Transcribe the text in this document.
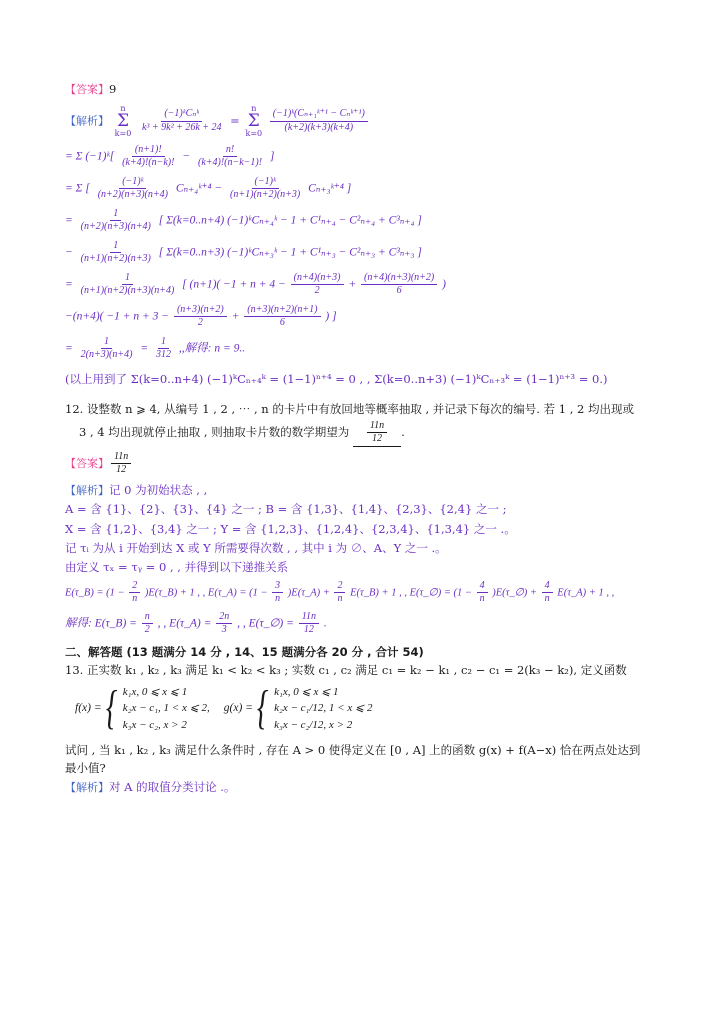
【答案】9
【解析】
n
Σ
k=0
$\frac{\text{(−1)ᵏCₙᵏ}}{\text{k³ + 9k² + 26k + 24}}$ =
n
Σ
k=0
$\frac{\text{(−1)ᵏ(Cₙ₊₁ᵏ⁺¹ − Cₙᵏ⁺¹)}}{(k+2)(k+3)(k+4)}$
= Σ (−1)ᵏ[ $\frac{(n+1)!}{(k+4)!(n-k)!} - \frac{n!}{(k+4)!(n-k-1)!}$ ]
= Σ [ $\frac{\text{(−1)ᵏ}}{(n+2)(n+3)(n+4)}$ Cₙ₊₄ᵏ⁺⁴ − $\frac{\text{(−1)ᵏ}}{(n+1)(n+2)(n+3)}$ Cₙ₊₃ᵏ⁺⁴ ]
= $\frac{1}{(n+2)(n+3)(n+4)}$ [ Σ(k=0..n+4) (−1)ᵏCₙ₊₄ᵏ − 1 + C¹ₙ₊₄ − C²ₙ₊₄ + C³ₙ₊₄ ]
− $\frac{1}{(n+1)(n+2)(n+3)}$ [ Σ(k=0..n+3) (−1)ᵏCₙ₊₃ᵏ − 1 + C¹ₙ₊₃ − C²ₙ₊₃ + C³ₙ₊₃ ]
= $\frac{1}{(n+1)(n+2)(n+3)(n+4)}$ [ $(n+1)( -1 + n + 4 - \frac{(n+4)(n+3)}{2} + \frac{(n+4)(n+3)(n+2)}{6}$ )
$-(n+4)( -1 + n + 3 - \frac{(n+3)(n+2)}{2} + \frac{(n+3)(n+2)(n+1)}{6}$ ) ]
= $\frac{1}{2(n+3)(n+4)} = \frac{1}{312}$ ,,解得: n = 9..
(以上用到了 Σ(k=0..n+4) (−1)ᵏCₙ₊₄ᵏ = (1−1)ⁿ⁺⁴ = 0 , , Σ(k=0..n+3) (−1)ᵏCₙ₊₃ᵏ = (1−1)ⁿ⁺³ = 0.)
12. 设整数 n ⩾ 4, 从编号 1 , 2 , ⋯ , n 的卡片中有放回地等概率抽取 , 并记录下每次的编号. 若 1 , 2 均出现或
3 , 4 均出现就停止抽取 , 则抽取卡片数的数学期望为 $\frac{11n}{12}$ .
【答案】 $\frac{11n}{12}$
【解析】记 0 为初始状态 , ,
A = 含 {1}、{2}、{3}、{4} 之一 ; B = 含 {1,3}、{1,4}、{2,3}、{2,4} 之一 ;
X = 含 {1,2}、{3,4} 之一 ; Y = 含 {1,2,3}、{1,2,4}、{2,3,4}、{1,3,4} 之一 .。
记 τᵢ 为从 i 开始到达 X 或 Y 所需要得次数 , , 其中 i 为 ∅、A、Y 之一 .。
由定义 τₓ = τᵧ = 0 , , 并得到以下递推关系
E(τ_B) = ($1 - \frac{2}{n}$ )E(τ_B) + 1 , , E(τ_A) = ($1 - \frac{3}{n}$ )E(τ_A) + $\frac{2}{n}$ E(τ_B) + 1 , , E(τ_∅) = ($1 - \frac{4}{n}$ )E(τ_∅) + $\frac{4}{n}$ E(τ_A) + 1 , ,
解得: E(τ_B) = $\frac{n}{2}$ , , E(τ_A) = $\frac{2n}{3}$ , , E(τ_∅) = $\frac{11n}{12}$ .
二、解答题 (13 题满分 14 分 , 14、15 题满分各 20 分 , 合计 54)
13. 正实数 k₁ , k₂ , k₃ 满足 k₁ < k₂ < k₃ ; 实数 c₁ , c₂ 满足 c₁ = k₂ − k₁ , c₂ − c₁ = 2(k₃ − k₂), 定义函数
f(x) = { k₁x, 0 ⩽ x ⩽ 1
k₂x − c₁, 1 < x ⩽ 2,
k₃x − c₂, x > 2
g(x) = { k₁x, 0 ⩽ x ⩽ 1
k₂x − c₁/12, 1 < x ⩽ 2
k₃x − c₂/12, x > 2
试问 , 当 k₁ , k₂ , k₃ 满足什么条件时 , 存在 A > 0 使得定义在 [0 , A] 上的函数 g(x) + f(A−x) 恰在两点处达到
最小值?
【解析】对 A 的取值分类讨论 .。
